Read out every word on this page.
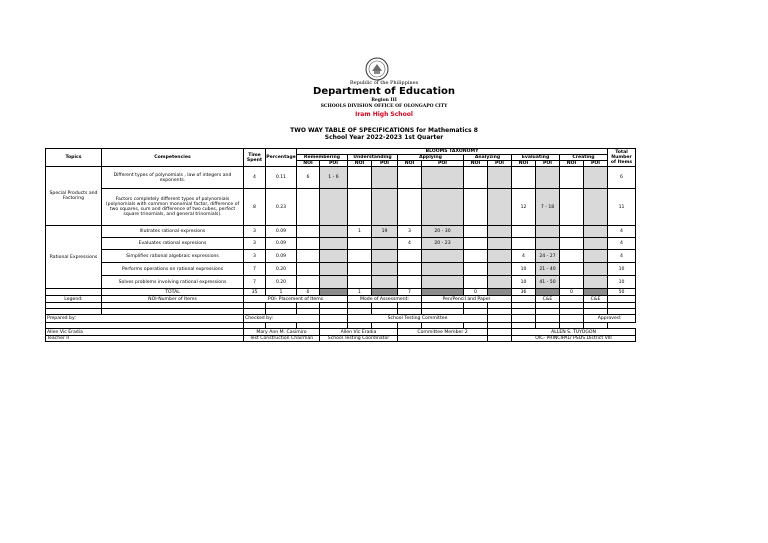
Republic of the Philippines
Department of Education
Region III
SCHOOLS DIVISION OFFICE OF OLONGAPO CITY
Iram High School
TWO WAY TABLE OF SPECIFICATIONS for Mathematics 8
School Year 2022-2023 1st Quarter
Topics	Competencies	Time Spent	Percentage	BLOOMS TAXONOMY												Total Number of Items
				Remembering		Understanding		Applying		Analyzing		Evaluating		Creating		
				NOI	POI	NOI	POI	NOI	POI	NOI	POI	NOI	POI	NOI	POI	
Special Products and Factoring	Different types of polynomials , law of integers and exponents.	4	0.11	6	1 - 6											6
	Factors completely different types of polynomials (polynomials with common monomial factor, difference of two squares, sum and difference of two cubes, perfect square trinomials, and general trinomials).	8	0.23									12	7 - 18			11
Rational Expressions	Illutrates rational expresions	3	0.09			1	19	3	20 - 30							4
	Evaluates rational expresions	3	0.09					4	20 - 23							4
	Simplifies rational algebraic expressions	3	0.09									4	24 - 27			4
	Performs operations on rational expressions	7	0.20									10	21 - 40			10
	Solves problems involving rational expressions	7	0.20									10	41 - 50			10
	TOTAL	35	1	6		1		7		0		36		0		50
Legend:	NOI-Number of Items	POI- Placement of Items				Mode of Assessment:			Pen/Pencil and Paper				C&E		C&E	

Prepared by:		Checked by:				School Testing Committee									Approved:	

Allen Vic Eradia		Mary Ann M. Casimiro			Allen Vic Eradia			Committee Member 2				ALLEN S. TUYOGON				
Teacher II		Test Construction Chairman			School Testing Coordinator							OIC- PRINCIPAL/ PSDS District VIII				
